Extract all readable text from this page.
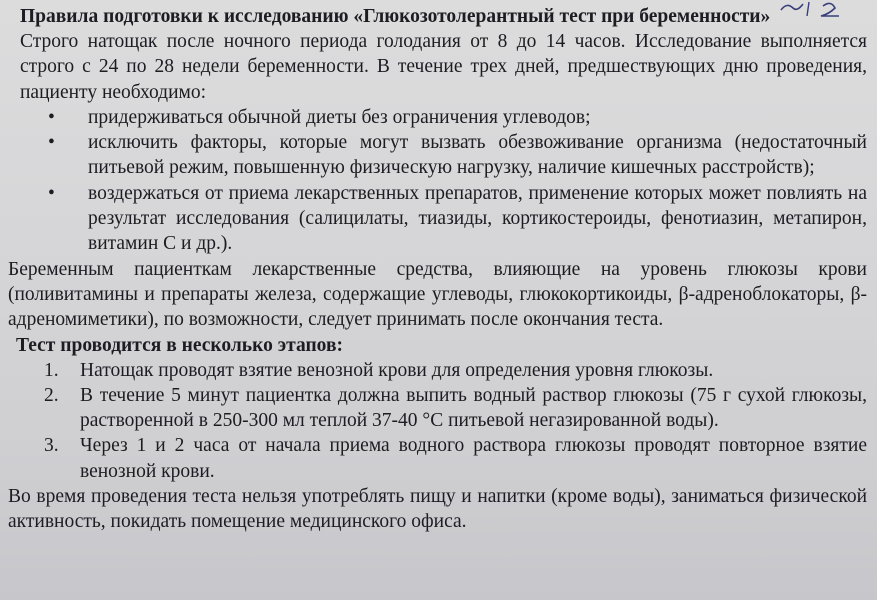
Правила подготовки к исследованию «Глюкозотолерантный тест при беременности»

Строго натощак после ночного периода голодания от 8 до 14 часов. Исследование выполняется строго с 24 по 28 недели беременности. В течение трех дней, предшествующих дню проведения, пациенту необходимо:

•	придерживаться обычной диеты без ограничения углеводов;
•	исключить факторы, которые могут вызвать обезвоживание организма (недостаточный питьевой режим, повышенную физическую нагрузку, наличие кишечных расстройств);
•	воздержаться от приема лекарственных препаратов, применение которых может повлиять на результат исследования (салицилаты, тиазиды, кортикостероиды, фенотиазин, метапирон, витамин С и др.).

Беременным пациенткам лекарственные средства, влияющие на уровень глюкозы крови (поливитамины и препараты железа, содержащие углеводы, глюкокортикоиды, β-адреноблокаторы, β-адреномиметики), по возможности, следует принимать после окончания теста.

Тест проводится в несколько этапов:
1. Натощак проводят взятие венозной крови для определения уровня глюкозы.
2. В течение 5 минут пациентка должна выпить водный раствор глюкозы (75 г сухой глюкозы, растворенной в 250-300 мл теплой 37-40 °С питьевой негазированной воды).
3. Через 1 и 2 часа от начала приема водного раствора глюкозы проводят повторное взятие венозной крови.

Во время проведения теста нельзя употреблять пищу и напитки (кроме воды), заниматься физической активность, покидать помещение медицинского офиса.
